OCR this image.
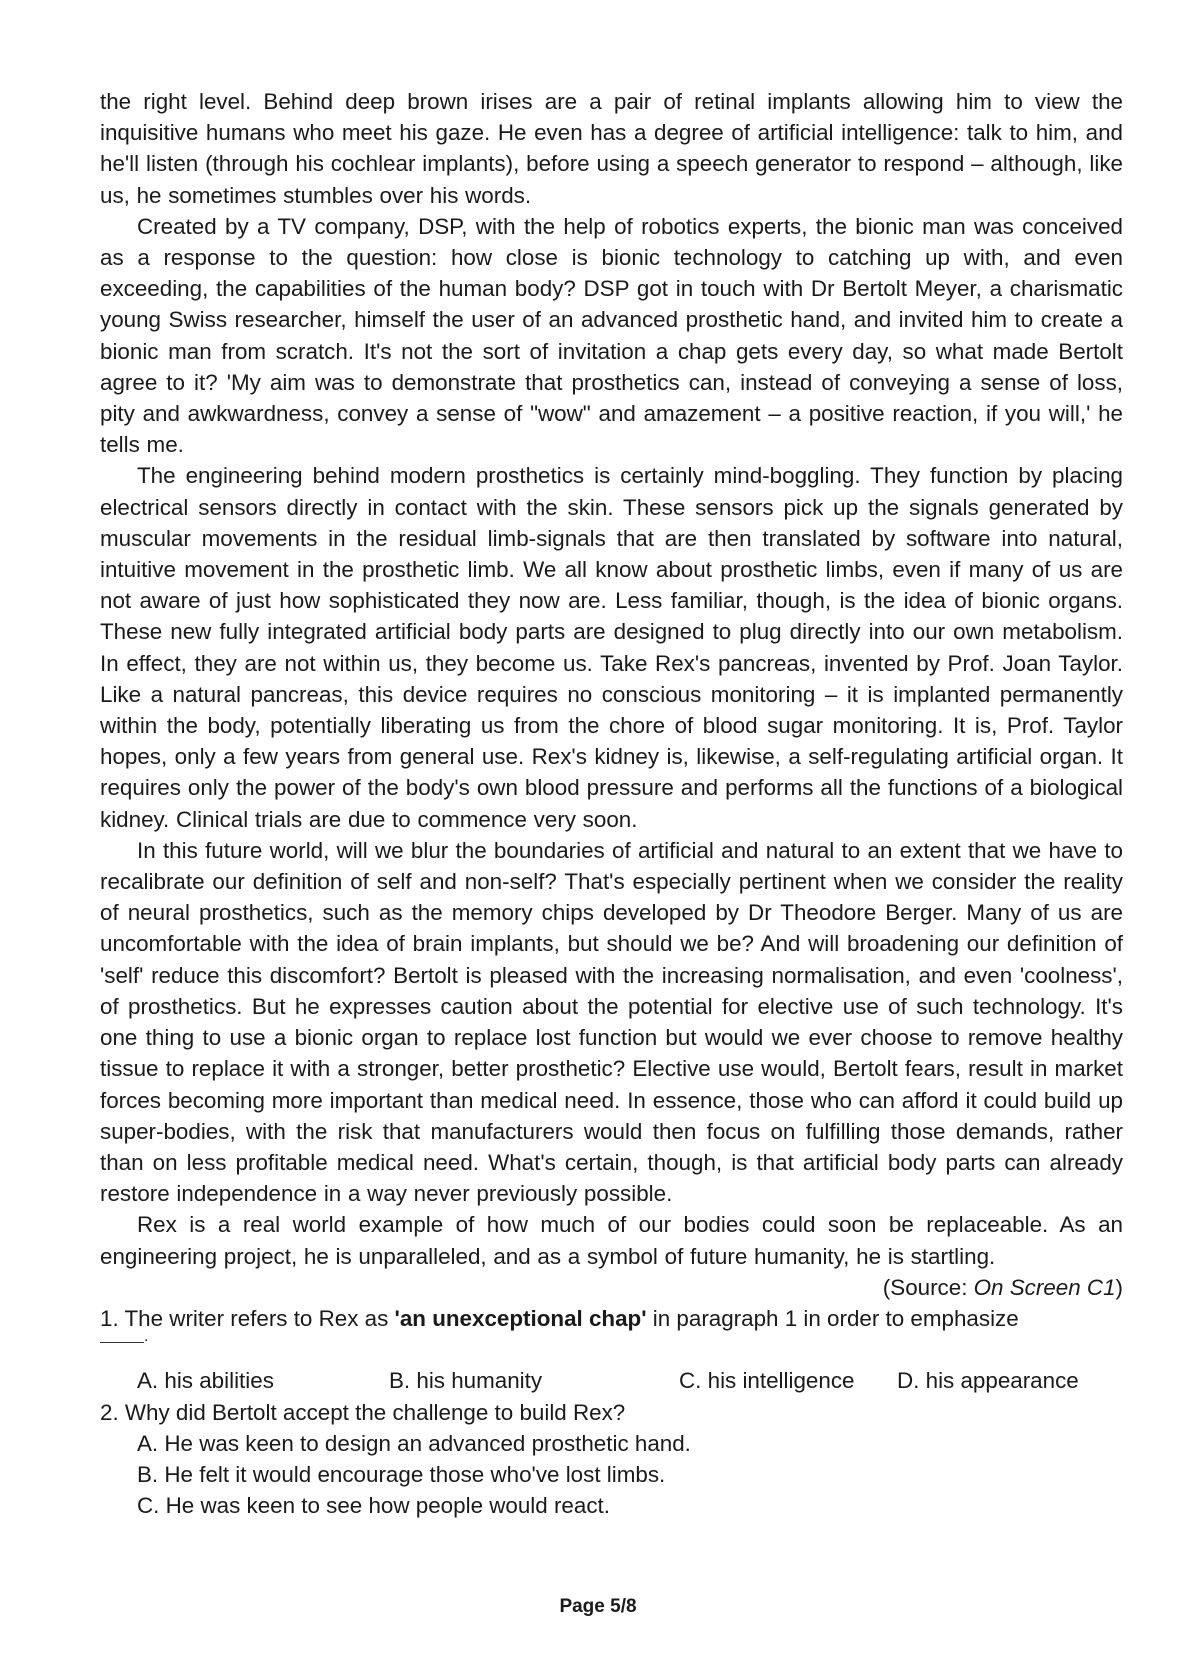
the right level. Behind deep brown irises are a pair of retinal implants allowing him to view the inquisitive humans who meet his gaze. He even has a degree of artificial intelligence: talk to him, and he'll listen (through his cochlear implants), before using a speech generator to respond – although, like us, he sometimes stumbles over his words.

Created by a TV company, DSP, with the help of robotics experts, the bionic man was conceived as a response to the question: how close is bionic technology to catching up with, and even exceeding, the capabilities of the human body? DSP got in touch with Dr Bertolt Meyer, a charismatic young Swiss researcher, himself the user of an advanced prosthetic hand, and invited him to create a bionic man from scratch. It's not the sort of invitation a chap gets every day, so what made Bertolt agree to it? 'My aim was to demonstrate that prosthetics can, instead of conveying a sense of loss, pity and awkwardness, convey a sense of "wow" and amazement – a positive reaction, if you will,' he tells me.

The engineering behind modern prosthetics is certainly mind-boggling. They function by placing electrical sensors directly in contact with the skin. These sensors pick up the signals generated by muscular movements in the residual limb-signals that are then translated by software into natural, intuitive movement in the prosthetic limb. We all know about prosthetic limbs, even if many of us are not aware of just how sophisticated they now are. Less familiar, though, is the idea of bionic organs. These new fully integrated artificial body parts are designed to plug directly into our own metabolism. In effect, they are not within us, they become us. Take Rex's pancreas, invented by Prof. Joan Taylor. Like a natural pancreas, this device requires no conscious monitoring – it is implanted permanently within the body, potentially liberating us from the chore of blood sugar monitoring. It is, Prof. Taylor hopes, only a few years from general use. Rex's kidney is, likewise, a self-regulating artificial organ. It requires only the power of the body's own blood pressure and performs all the functions of a biological kidney. Clinical trials are due to commence very soon.

In this future world, will we blur the boundaries of artificial and natural to an extent that we have to recalibrate our definition of self and non-self? That's especially pertinent when we consider the reality of neural prosthetics, such as the memory chips developed by Dr Theodore Berger. Many of us are uncomfortable with the idea of brain implants, but should we be? And will broadening our definition of 'self' reduce this discomfort? Bertolt is pleased with the increasing normalisation, and even 'coolness', of prosthetics. But he expresses caution about the potential for elective use of such technology. It's one thing to use a bionic organ to replace lost function but would we ever choose to remove healthy tissue to replace it with a stronger, better prosthetic? Elective use would, Bertolt fears, result in market forces becoming more important than medical need. In essence, those who can afford it could build up super-bodies, with the risk that manufacturers would then focus on fulfilling those demands, rather than on less profitable medical need. What's certain, though, is that artificial body parts can already restore independence in a way never previously possible.

Rex is a real world example of how much of our bodies could soon be replaceable. As an engineering project, he is unparalleled, and as a symbol of future humanity, he is startling.

(Source: On Screen C1)

1. The writer refers to Rex as 'an unexceptional chap' in paragraph 1 in order to emphasize

.
A. his abilities	B. his humanity	C. his intelligence	D. his appearance

2. Why did Bertolt accept the challenge to build Rex?

A. He was keen to design an advanced prosthetic hand.

B. He felt it would encourage those who've lost limbs.

C. He was keen to see how people would react.

Page 5/8
